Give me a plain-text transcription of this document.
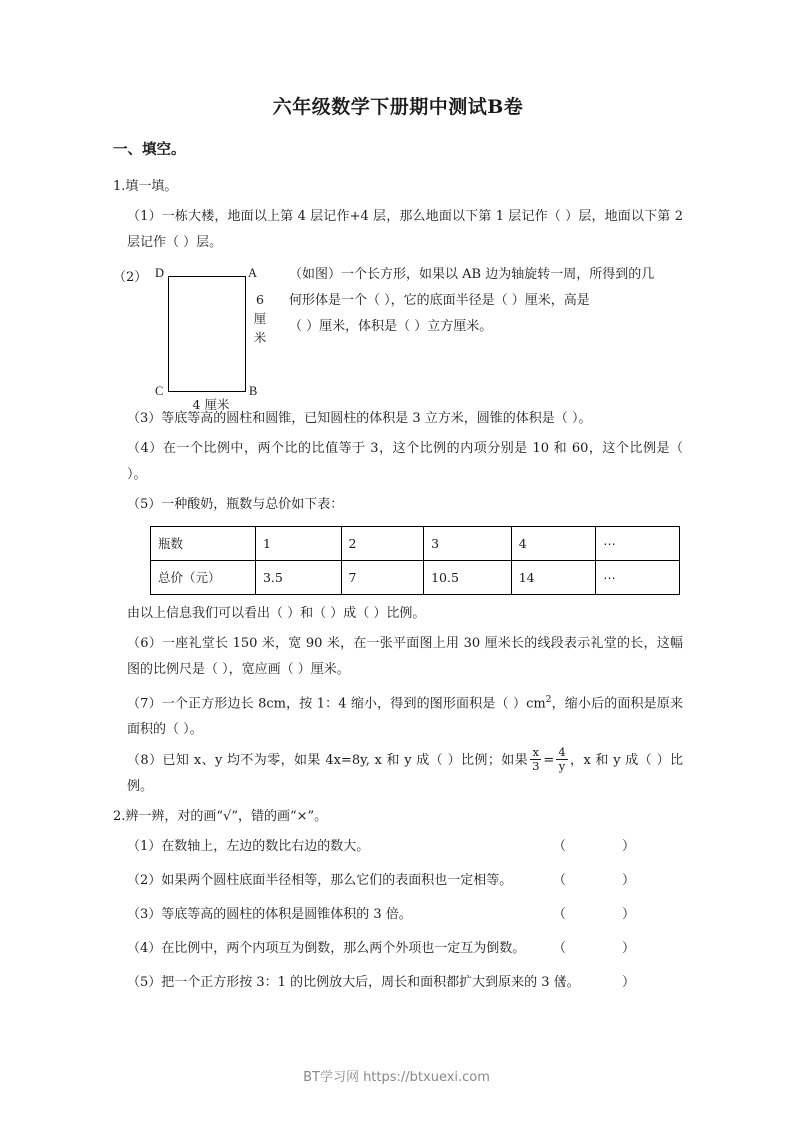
六年级数学下册期中测试B卷
一、填空。
1.填一填。
（1）一栋大楼，地面以上第 4 层记作+4 层，那么地面以下第 1 层记作（ ）层，地面以下第 2 层记作（ ）层。
（2） D	A
C	B
6
厘
米
4 厘米
（如图）一个长方形，如果以 AB 边为轴旋转一周，所得到的几
何形体是一个（ ），它的底面半径是（ ）厘米，高是
（ ）厘米，体积是（ ）立方厘米。
（3）等底等高的圆柱和圆锥，已知圆柱的体积是 3 立方米，圆锥的体积是（ ）。
（4）在一个比例中，两个比的比值等于 3，这个比例的内项分别是 10 和 60，这个比例是（ ）。
（5）一种酸奶，瓶数与总价如下表：
瓶数	1	2	3	4	⋯
总价（元）	3.5	7	10.5	14	⋯
由以上信息我们可以看出（ ）和（ ）成（ ）比例。
（6）一座礼堂长 150 米，宽 90 米，在一张平面图上用 30 厘米长的线段表示礼堂的长，这幅图的比例尺是（ ），宽应画（ ）厘米。
（7）一个正方形边长 8cm，按 1：4 缩小，得到的图形面积是（ ）$cm^2$，缩小后的面积是原来面积的（ ）。
（8）已知 x、y 均不为零，如果 4x=8y, x 和 y 成（ ）比例；如果 $\frac{x}{3} = \frac{4}{y}$ ，x 和 y 成（ ）比例。
2.辨一辨，对的画“√”，错的画“×”。
（1）在数轴上，左边的数比右边的数大。	（ ）
（2）如果两个圆柱底面半径相等，那么它们的表面积也一定相等。	（ ）
（3）等底等高的圆柱的体积是圆锥体积的 3 倍。	（ ）
（4）在比例中，两个内项互为倒数，那么两个外项也一定互为倒数。 （ ）
（5）把一个正方形按 3：1 的比例放大后，周长和面积都扩大到原来的 3 倍。
（ ）
BT学习网 https://btxuexi.com
